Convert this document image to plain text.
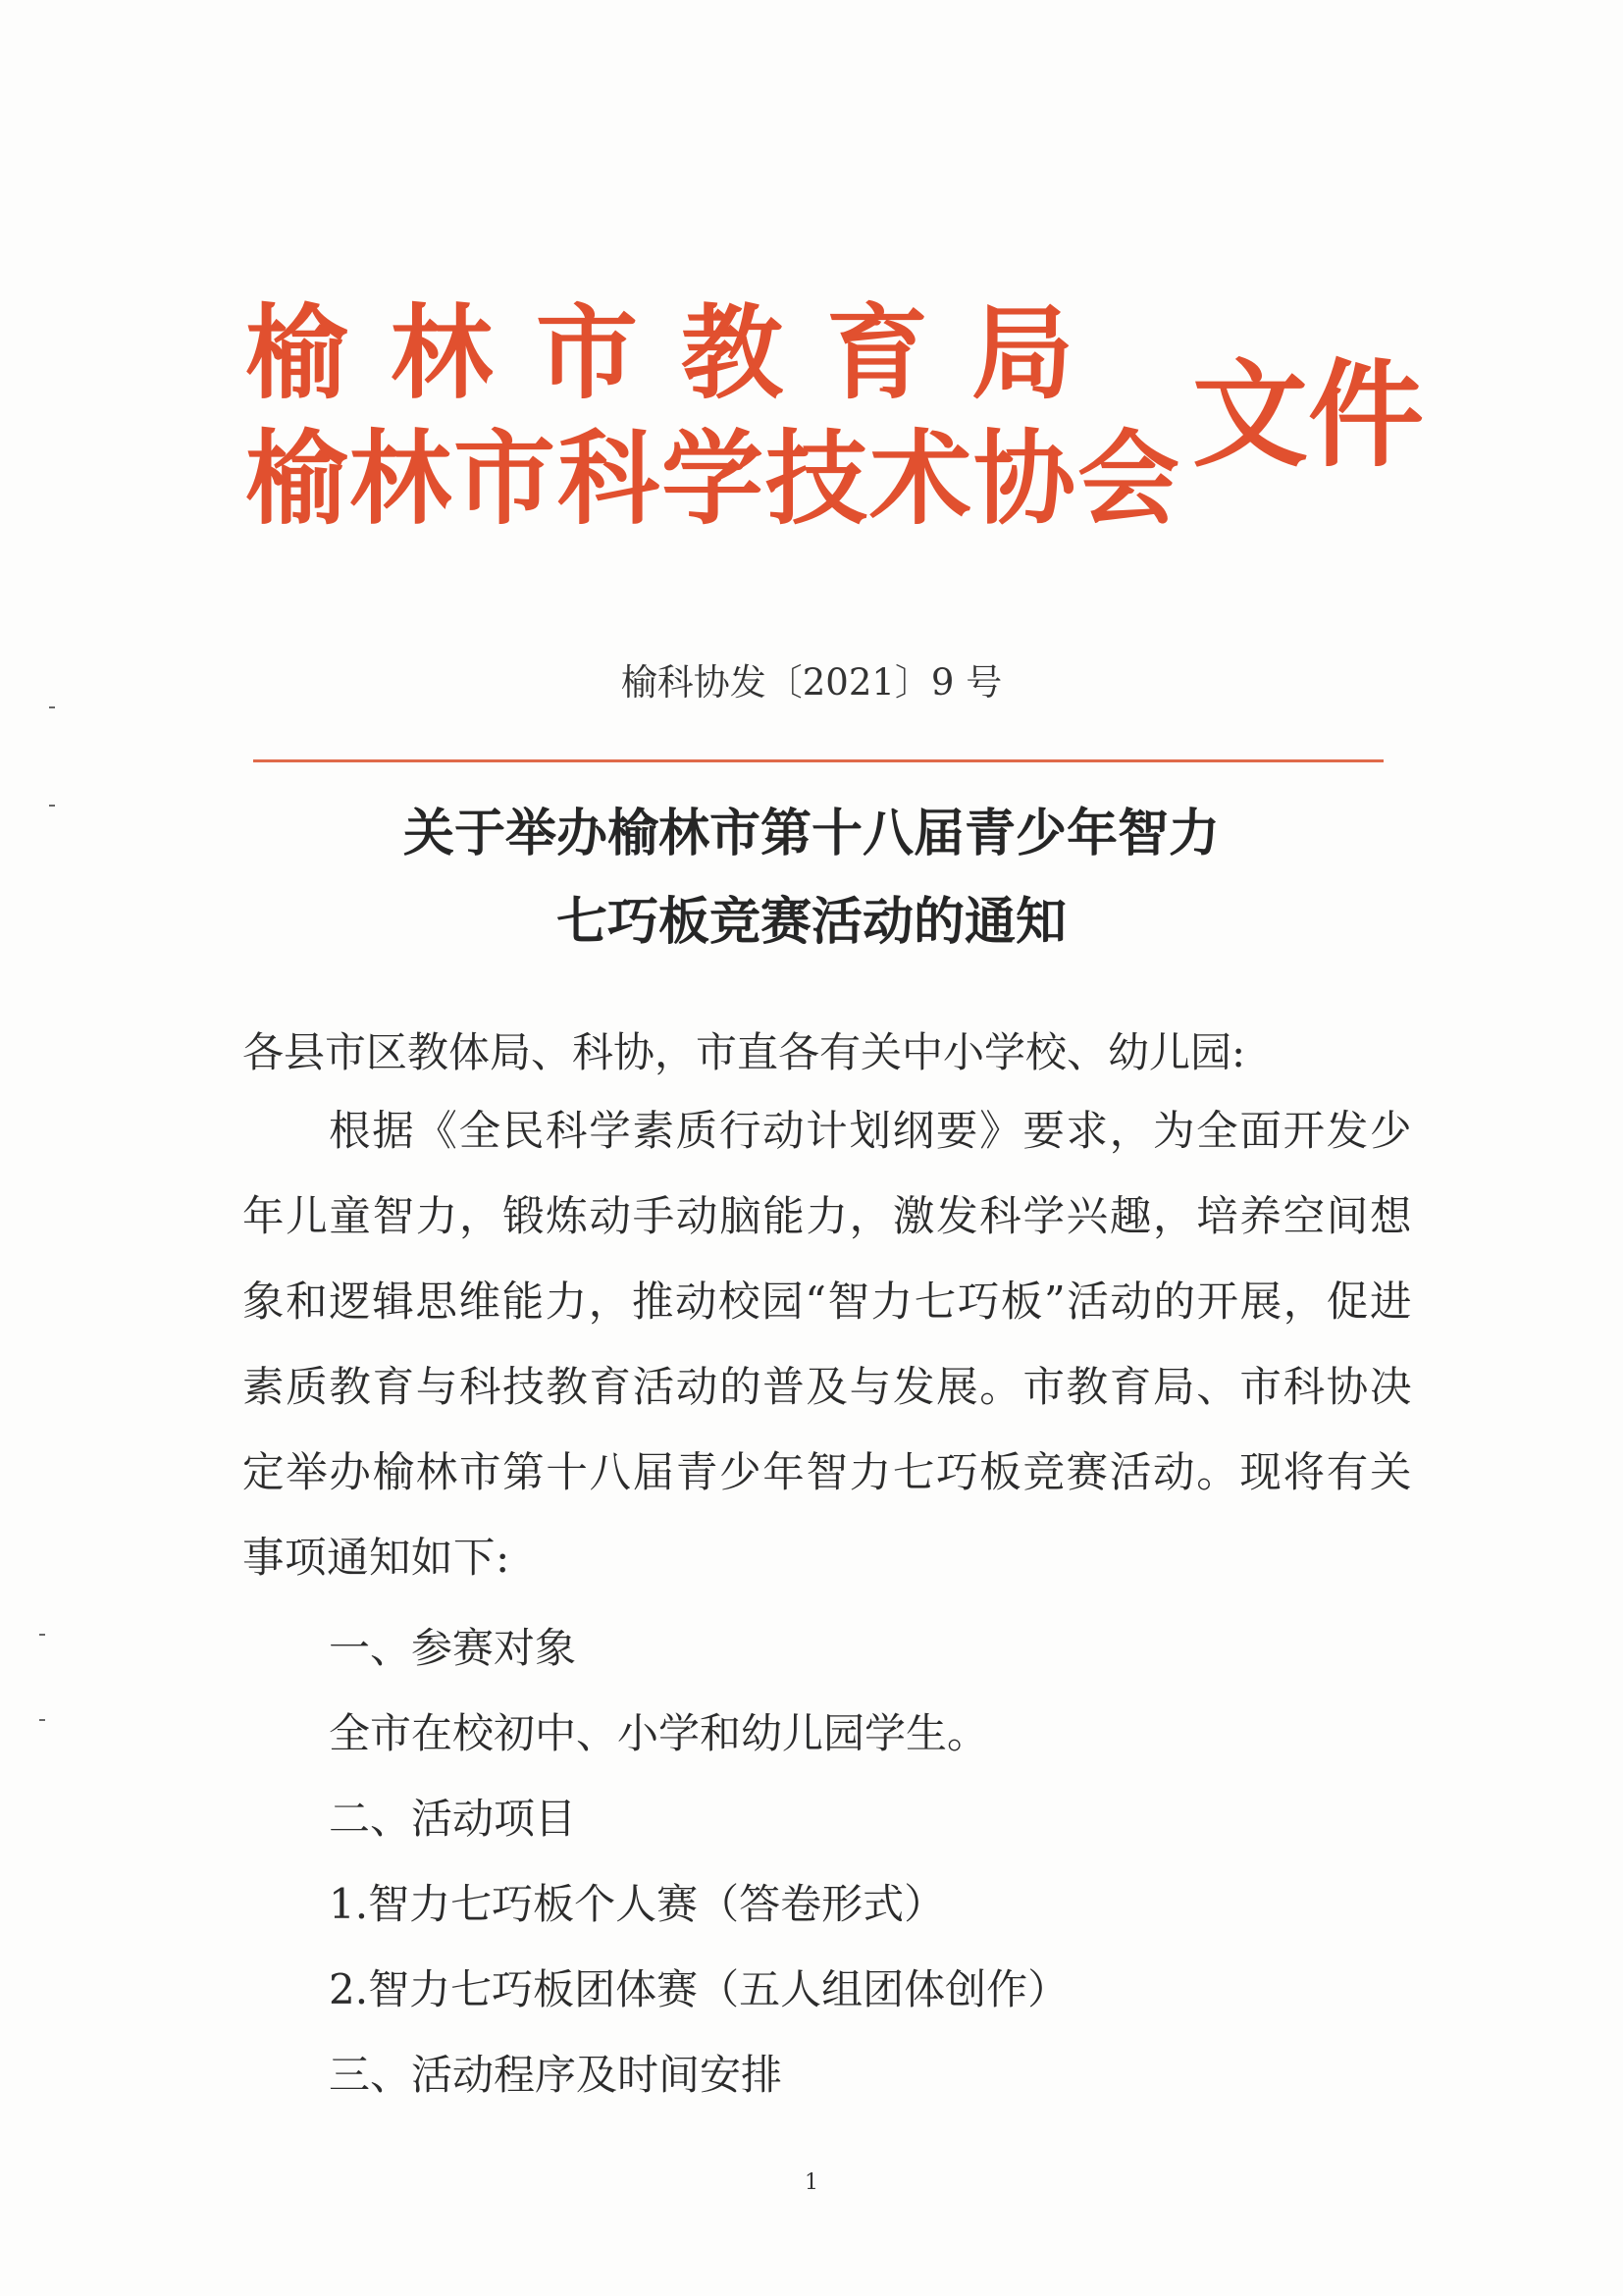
榆林市教育局
榆林市科学技术协会 文件
榆科协发〔2021〕9 号
关于举办榆林市第十八届青少年智力
七巧板竞赛活动的通知
各县市区教体局、科协，市直各有关中小学校、幼儿园:

根据《全民科学素质行动计划纲要》要求，为全面开发少年儿童智力，锻炼动手动脑能力，激发科学兴趣，培养空间想象和逻辑思维能力，推动校园“智力七巧板”活动的开展，促进素质教育与科技教育活动的普及与发展。市教育局、市科协决定举办榆林市第十八届青少年智力七巧板竞赛活动。现将有关事项通知如下:

一、参赛对象
全市在校初中、小学和幼儿园学生。
二、活动项目
1.智力七巧板个人赛（答卷形式）
2.智力七巧板团体赛（五人组团体创作）
三、活动程序及时间安排
1
